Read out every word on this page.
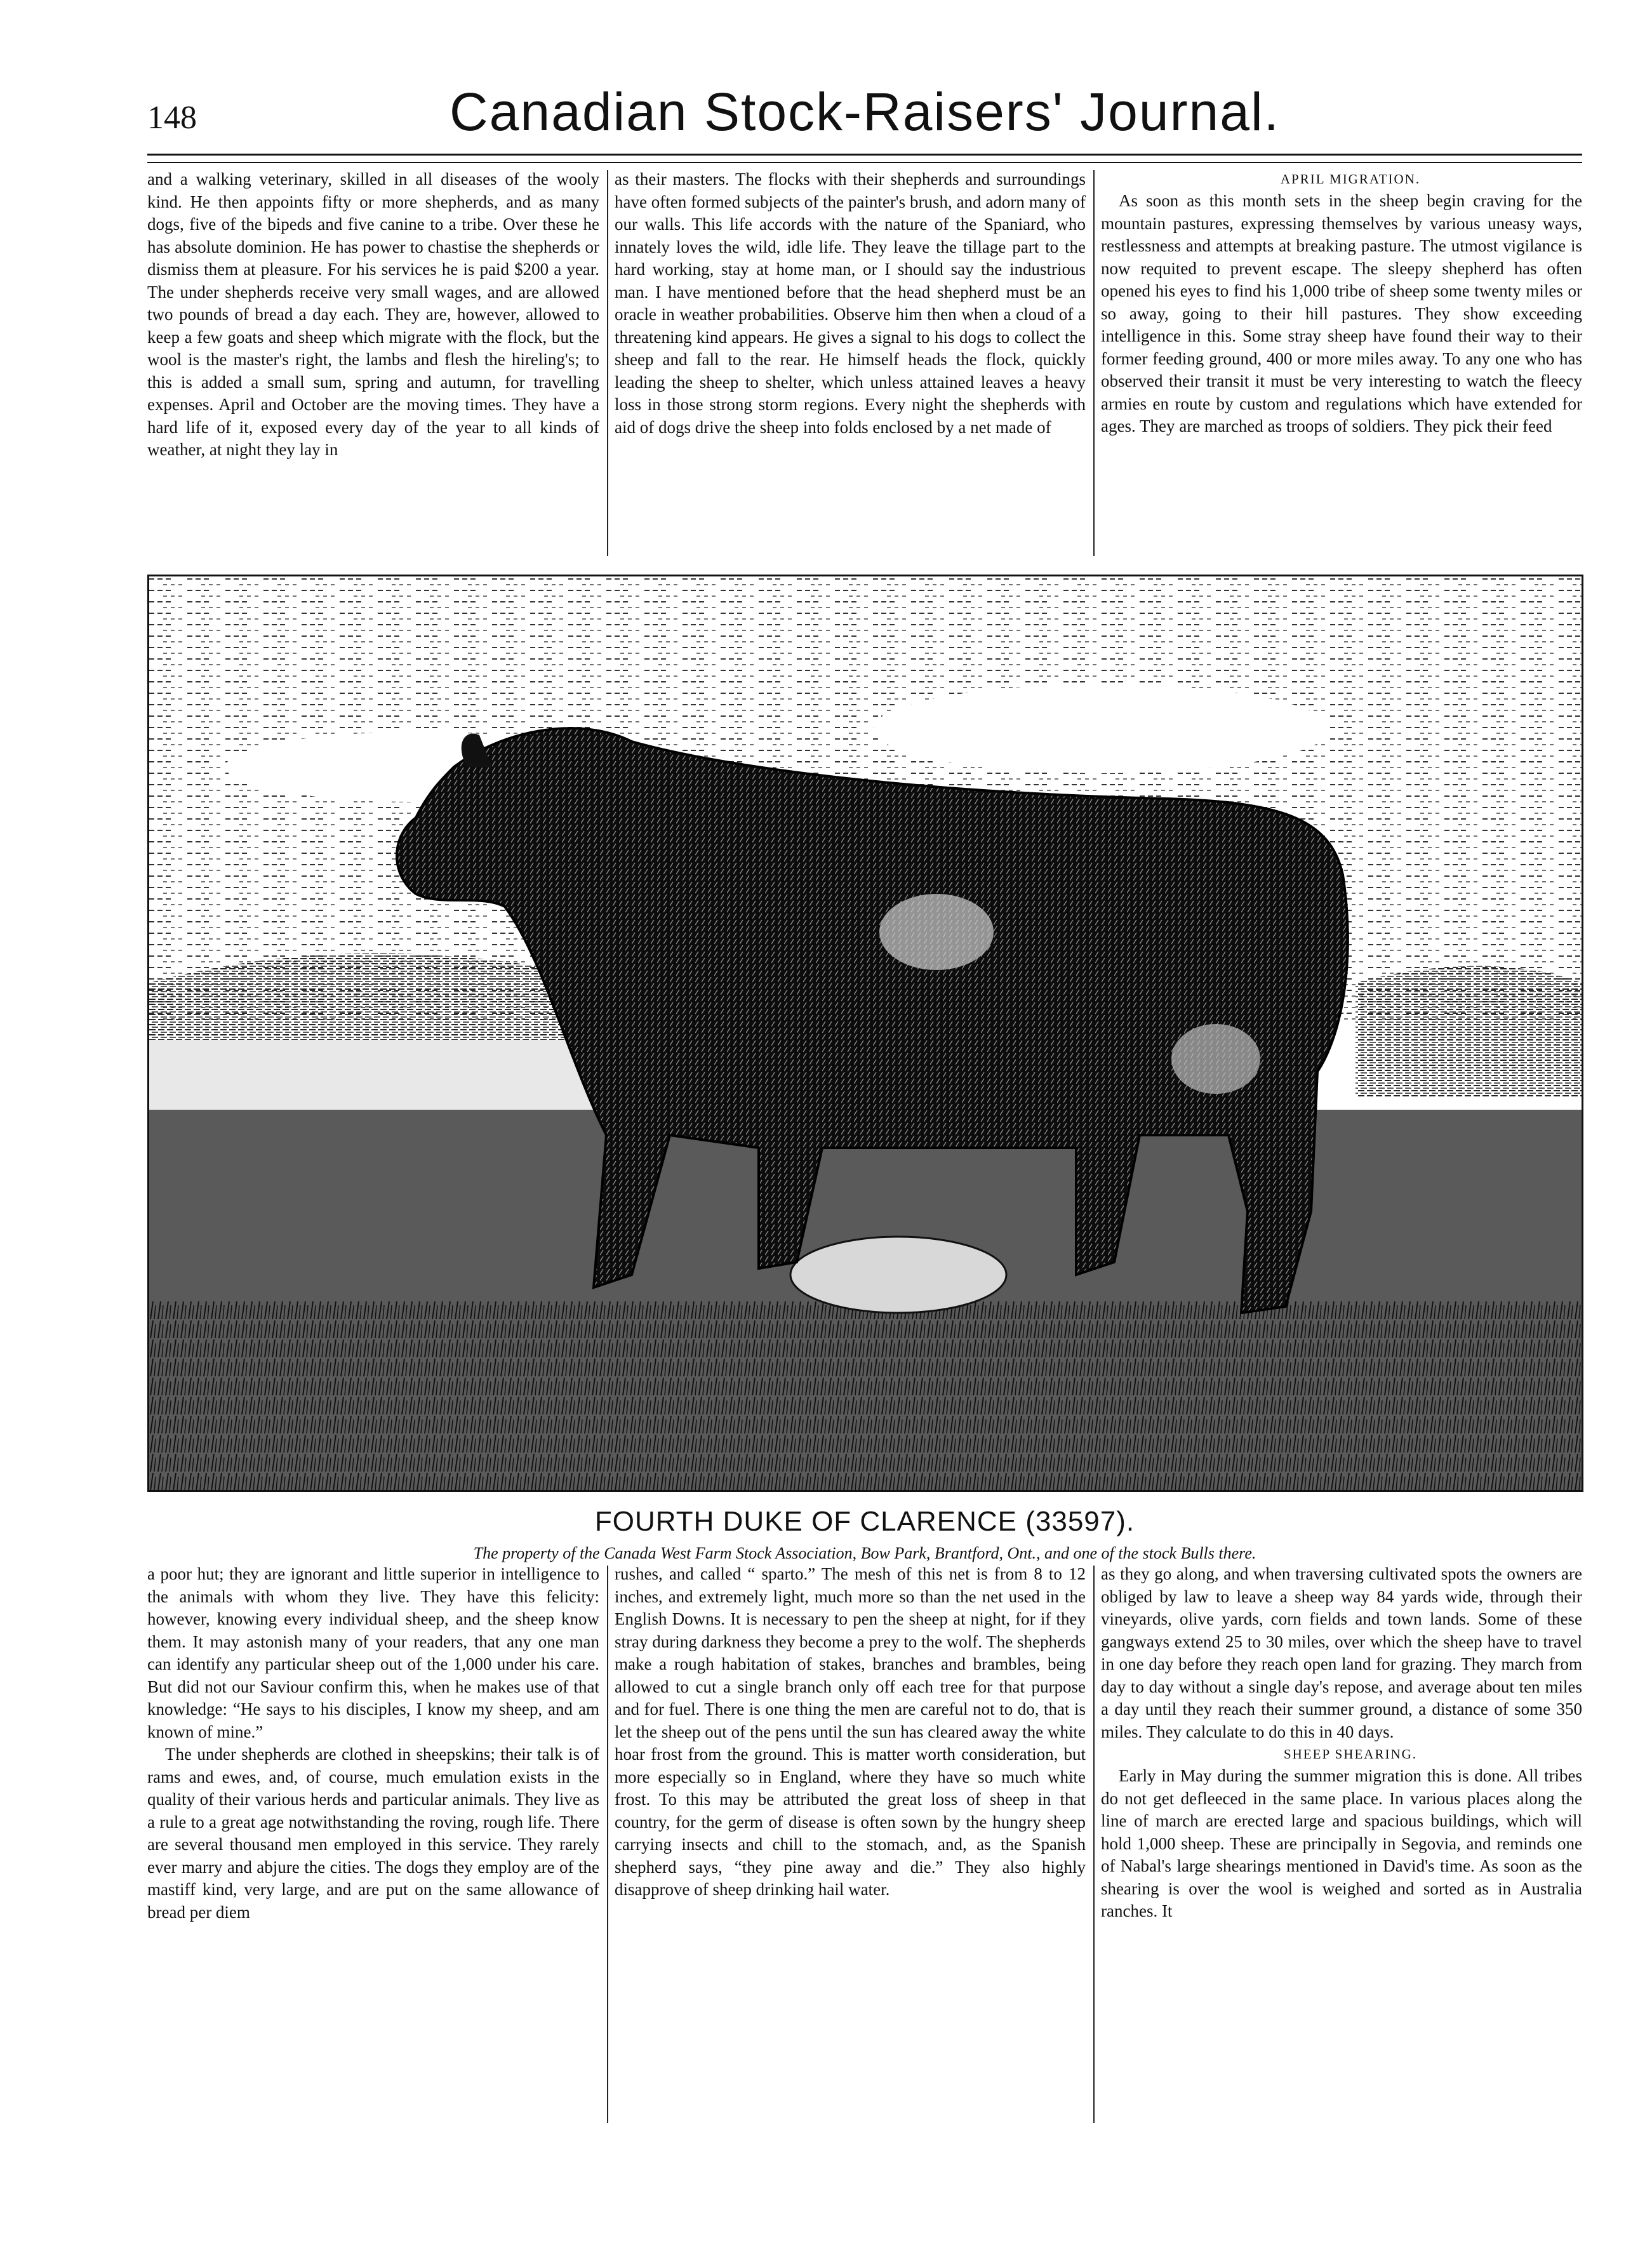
148	Canadian Stock-Raisers' Journal.

and a walking veterinary, skilled in all diseases of the wooly kind. He then appoints fifty or more shepherds, and as many dogs, five of the bipeds and five canine to a tribe. Over these he has absolute dominion. He has power to chastise the shepherds or dismiss them at pleasure. For his services he is paid $200 a year. The under shepherds receive very small wages, and are allowed two pounds of bread a day each. They are, however, allowed to keep a few goats and sheep which migrate with the flock, but the wool is the master's right, the lambs and flesh the hireling's; to this is added a small sum, spring and autumn, for travelling expenses. April and October are the moving times. They have a hard life of it, exposed every day of the year to all kinds of weather, at night they lay in

as their masters. The flocks with their shepherds and surroundings have often formed subjects of the painter's brush, and adorn many of our walls. This life accords with the nature of the Spaniard, who innately loves the wild, idle life. They leave the tillage part to the hard working, stay at home man, or I should say the industrious man. I have mentioned before that the head shepherd must be an oracle in weather probabilities. Observe him then when a cloud of a threatening kind appears. He gives a signal to his dogs to collect the sheep and fall to the rear. He himself heads the flock, quickly leading the sheep to shelter, which unless attained leaves a heavy loss in those strong storm regions. Every night the shepherds with aid of dogs drive the sheep into folds enclosed by a net made of

APRIL MIGRATION.

As soon as this month sets in the sheep begin craving for the mountain pastures, expressing themselves by various uneasy ways, restlessness and attempts at breaking pasture. The utmost vigilance is now requited to prevent escape. The sleepy shepherd has often opened his eyes to find his 1,000 tribe of sheep some twenty miles or so away, going to their hill pastures. They show exceeding intelligence in this. Some stray sheep have found their way to their former feeding ground, 400 or more miles away. To any one who has observed their transit it must be very interesting to watch the fleecy armies en route by custom and regulations which have extended for ages. They are marched as troops of soldiers. They pick their feed

FOURTH DUKE OF CLARENCE (33597).
The property of the Canada West Farm Stock Association, Bow Park, Brantford, Ont., and one of the stock Bulls there.

a poor hut; they are ignorant and little superior in intelligence to the animals with whom they live. They have this felicity: however, knowing every individual sheep, and the sheep know them. It may astonish many of your readers, that any one man can identify any particular sheep out of the 1,000 under his care. But did not our Saviour confirm this, when he makes use of that knowledge: “He says to his disciples, I know my sheep, and am known of mine.”

The under shepherds are clothed in sheepskins; their talk is of rams and ewes, and, of course, much emulation exists in the quality of their various herds and particular animals. They live as a rule to a great age notwithstanding the roving, rough life. There are several thousand men employed in this service. They rarely ever marry and abjure the cities. The dogs they employ are of the mastiff kind, very large, and are put on the same allowance of bread per diem

rushes, and called “ sparto.” The mesh of this net is from 8 to 12 inches, and extremely light, much more so than the net used in the English Downs. It is necessary to pen the sheep at night, for if they stray during darkness they become a prey to the wolf. The shepherds make a rough habitation of stakes, branches and brambles, being allowed to cut a single branch only off each tree for that purpose and for fuel. There is one thing the men are careful not to do, that is let the sheep out of the pens until the sun has cleared away the white hoar frost from the ground. This is matter worth consideration, but more especially so in England, where they have so much white frost. To this may be attributed the great loss of sheep in that country, for the germ of disease is often sown by the hungry sheep carrying insects and chill to the stomach, and, as the Spanish shepherd says, “they pine away and die.” They also highly disapprove of sheep drinking hail water.

as they go along, and when traversing cultivated spots the owners are obliged by law to leave a sheep way 84 yards wide, through their vineyards, olive yards, corn fields and town lands. Some of these gangways extend 25 to 30 miles, over which the sheep have to travel in one day before they reach open land for grazing. They march from day to day without a single day's repose, and average about ten miles a day until they reach their summer ground, a distance of some 350 miles. They calculate to do this in 40 days.

SHEEP SHEARING.

Early in May during the summer migration this is done. All tribes do not get defleeced in the same place. In various places along the line of march are erected large and spacious buildings, which will hold 1,000 sheep. These are principally in Segovia, and reminds one of Nabal's large shearings mentioned in David's time. As soon as the shearing is over the wool is weighed and sorted as in Australia ranches. It
